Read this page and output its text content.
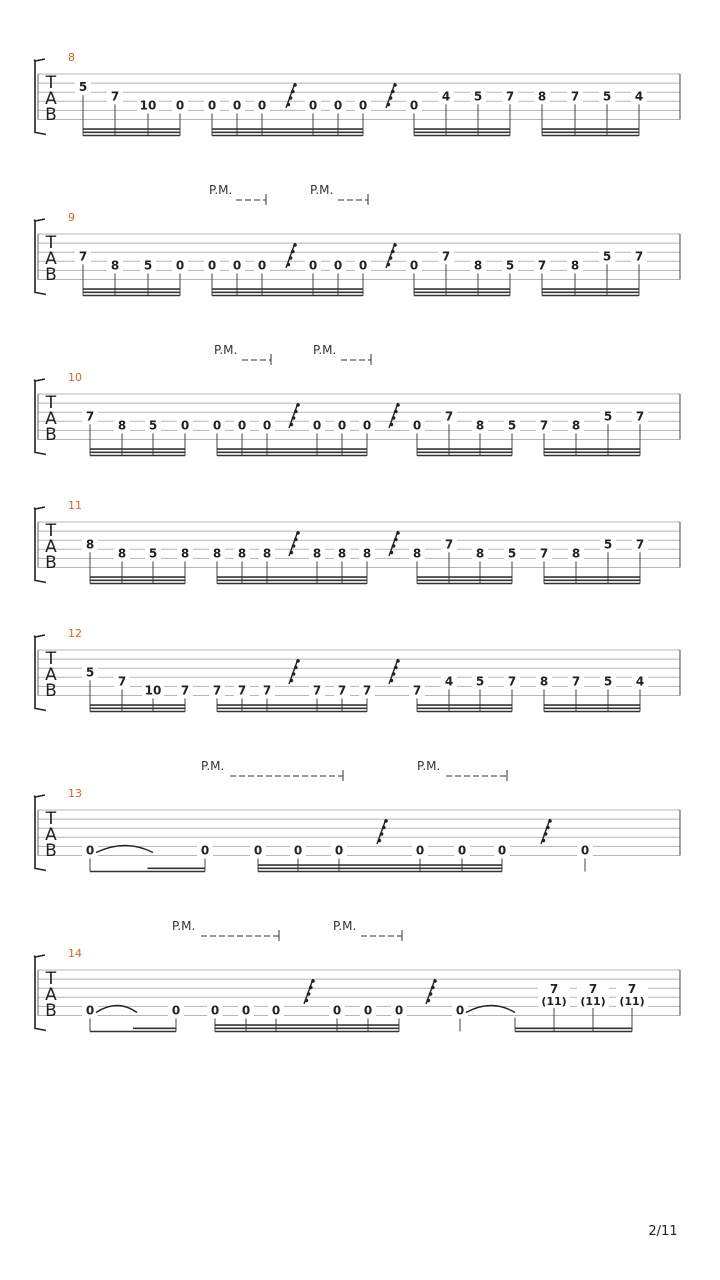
8
T
A
B
5
7
10 0 0 0 0	0 0 0	0
4 5 7 8 7 5 4
9
T
A
B
7
8 5 0 0 0 0	0 0 0	0
7
8 5 7 8
5 7
10
T
A
B
7
8 5 0 0 0 0	0 0 0	0
7
8 5 7 8
5 7
11
T
A
B
8
8 5 8 8 8 8	8 8 8	8
7
8 5 7 8
5 7
12
T
A
B
5
7
10 7 7 7 7	7 7 7	7
4 5 7 8 7 5 4
13
T
A
B 0	0	0	0	0	0	0	0	0
14
T
A
B 0	0	0 0 0	0 0 0	0
7
(11)
7
(11)
7
(11)
P.M.	P.M.
P.M.	P.M.
P.M.	P.M.
P.M.	P.M.
2/11
